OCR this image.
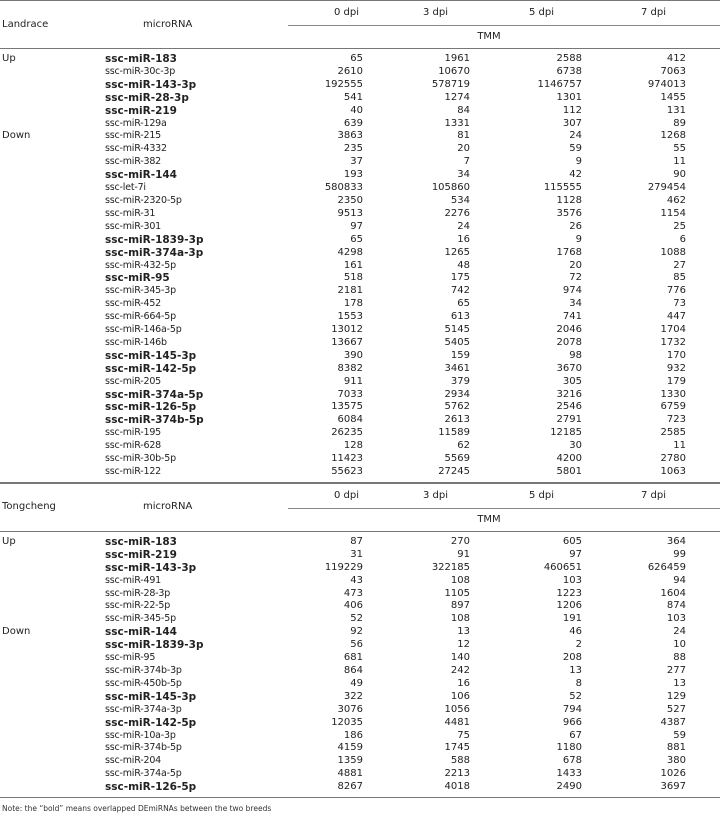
Landrace	microRNA	0 dpi	3 dpi	5 dpi	7 dpi	
		TMM				

Up	ssc-miR-183	65	1961	2588	412	
	ssc-miR-30c-3p	2610	10670	6738	7063	
	ssc-miR-143-3p	192555	578719	1146757	974013	
	ssc-miR-28-3p	541	1274	1301	1455	
	ssc-miR-219	40	84	112	131	
	ssc-miR-129a	639	1331	307	89	
Down	ssc-miR-215	3863	81	24	1268	
	ssc-miR-4332	235	20	59	55	
	ssc-miR-382	37	7	9	11	
	ssc-miR-144	193	34	42	90	
	ssc-let-7i	580833	105860	115555	279454	
	ssc-miR-2320-5p	2350	534	1128	462	
	ssc-miR-31	9513	2276	3576	1154	
	ssc-miR-301	97	24	26	25	
	ssc-miR-1839-3p	65	16	9	6	
	ssc-miR-374a-3p	4298	1265	1768	1088	
	ssc-miR-432-5p	161	48	20	27	
	ssc-miR-95	518	175	72	85	
	ssc-miR-345-3p	2181	742	974	776	
	ssc-miR-452	178	65	34	73	
	ssc-miR-664-5p	1553	613	741	447	
	ssc-miR-146a-5p	13012	5145	2046	1704	
	ssc-miR-146b	13667	5405	2078	1732	
	ssc-miR-145-3p	390	159	98	170	
	ssc-miR-142-5p	8382	3461	3670	932	
	ssc-miR-205	911	379	305	179	
	ssc-miR-374a-5p	7033	2934	3216	1330	
	ssc-miR-126-5p	13575	5762	2546	6759	
	ssc-miR-374b-5p	6084	2613	2791	723	
	ssc-miR-195	26235	11589	12185	2585	
	ssc-miR-628	128	62	30	11	
	ssc-miR-30b-5p	11423	5569	4200	2780	
	ssc-miR-122	55623	27245	5801	1063	

Tongcheng	microRNA	0 dpi	3 dpi	5 dpi	7 dpi	
		TMM				

Up	ssc-miR-183	87	270	605	364	
	ssc-miR-219	31	91	97	99	
	ssc-miR-143-3p	119229	322185	460651	626459	
	ssc-miR-491	43	108	103	94	
	ssc-miR-28-3p	473	1105	1223	1604	
	ssc-miR-22-5p	406	897	1206	874	
	ssc-miR-345-5p	52	108	191	103	
Down	ssc-miR-144	92	13	46	24	
	ssc-miR-1839-3p	56	12	2	10	
	ssc-miR-95	681	140	208	88	
	ssc-miR-374b-3p	864	242	13	277	
	ssc-miR-450b-5p	49	16	8	13	
	ssc-miR-145-3p	322	106	52	129	
	ssc-miR-374a-3p	3076	1056	794	527	
	ssc-miR-142-5p	12035	4481	966	4387	
	ssc-miR-10a-3p	186	75	67	59	
	ssc-miR-374b-5p	4159	1745	1180	881	
	ssc-miR-204	1359	588	678	380	
	ssc-miR-374a-5p	4881	2213	1433	1026	
	ssc-miR-126-5p	8267	4018	2490	3697	

Note: the “bold” means overlapped DEmiRNAs between the two breeds
